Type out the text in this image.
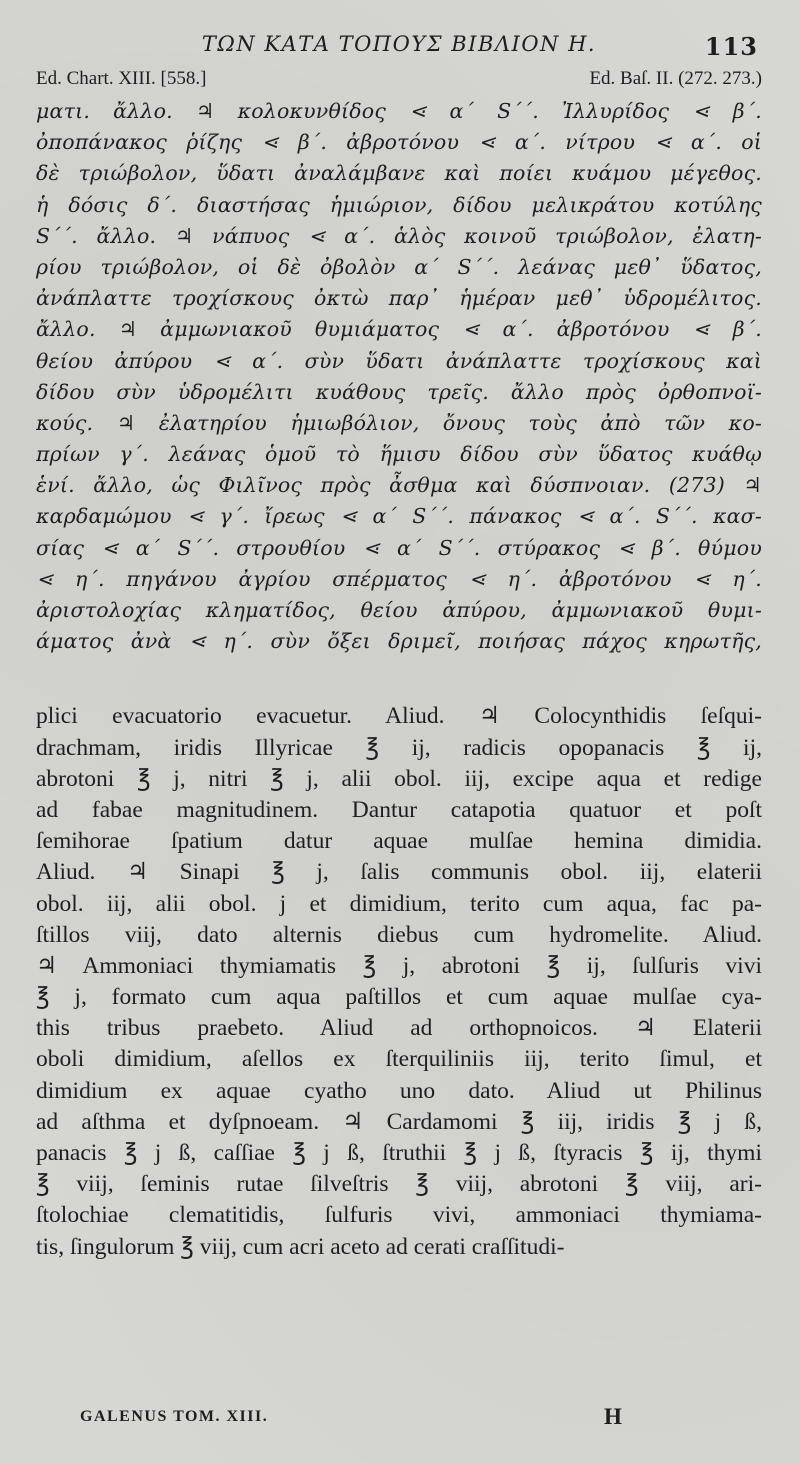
ΤΩΝ ΚΑΤΑ ΤΟΠΟΥΣ ΒΙΒΛΙΟΝ Η.	113
Ed. Chart. XIII. [558.]	Ed. Baſ. II. (272. 273.)
ματι. ἄλλο. ♃ κολοκυνθίδος ⋖ α΄ S΄΄. Ἰλλυρίδος ⋖ β΄.
ὀποπάνακος ῥίζης ⋖ β΄. ἀβροτόνου ⋖ α΄. νίτρου ⋖ α΄. οἱ
δὲ τριώβολον, ὕδατι ἀναλάμβανε καὶ ποίει κυάμου μέγεθος.
ἡ δόσις δ΄. διαστήσας ἡμιώριον, δίδου μελικράτου κοτύλης
S΄΄. ἄλλο. ♃ νάπυος ⋖ α΄. ἁλὸς κοινοῦ τριώβολον, ἐλατη-
ρίου τριώβολον, οἱ δὲ ὀβολὸν α΄ S΄΄. λεάνας μεθ᾽ ὕδατος,
ἀνάπλαττε τροχίσκους ὀκτὼ παρ᾽ ἡμέραν μεθ᾽ ὑδρομέλιτος.
ἄλλο. ♃ ἀμμωνιακοῦ θυμιάματος ⋖ α΄. ἀβροτόνου ⋖ β΄.
θείου ἀπύρου ⋖ α΄. σὺν ὕδατι ἀνάπλαττε τροχίσκους καὶ
δίδου σὺν ὑδρομέλιτι κυάθους τρεῖς. ἄλλο πρὸς ὀρθοπνοϊ-
κούς. ♃ ἐλατηρίου ἡμιωβόλιον, ὄνους τοὺς ἀπὸ τῶν κο-
πρίων γ΄. λεάνας ὁμοῦ τὸ ἥμισυ δίδου σὺν ὕδατος κυάθῳ
ἑνί. ἄλλο, ὡς Φιλῖνος πρὸς ἆσθμα καὶ δύσπνοιαν. (273) ♃
καρδαμώμου ⋖ γ΄. ἴρεως ⋖ α΄ S΄΄. πάνακος ⋖ α΄. S΄΄. κασ-
σίας ⋖ α΄ S΄΄. στρουθίου ⋖ α΄ S΄΄. στύρακος ⋖ β΄. θύμου
⋖ η΄. πηγάνου ἀγρίου σπέρματος ⋖ η΄. ἀβροτόνου ⋖ η΄.
ἀριστολοχίας κληματίδος, θείου ἀπύρου, ἀμμωνιακοῦ θυμι-
άματος ἀνὰ ⋖ η΄. σὺν ὄξει δριμεῖ, ποιήσας πάχος κηρωτῆς,
plici evacuatorio evacuetur. Aliud. ♃ Colocynthidis ſeſqui-
drachmam, iridis Illyricae ℥ ij, radicis opopanacis ℥ ij,
abrotoni ℥ j, nitri ℥ j, alii obol. iij, excipe aqua et redige
ad fabae magnitudinem. Dantur catapotia quatuor et poſt
ſemihorae ſpatium datur aquae mulſae hemina dimidia.
Aliud. ♃ Sinapi ℥ j, ſalis communis obol. iij, elaterii
obol. iij, alii obol. j et dimidium, terito cum aqua, fac pa-
ſtillos viij, dato alternis diebus cum hydromelite. Aliud.
♃ Ammoniaci thymiamatis ℥ j, abrotoni ℥ ij, ſulſuris vivi
℥ j, formato cum aqua paſtillos et cum aquae mulſae cya-
this tribus praebeto. Aliud ad orthopnoicos. ♃ Elaterii
oboli dimidium, aſellos ex ſterquiliniis iij, terito ſimul, et
dimidium ex aquae cyatho uno dato. Aliud ut Philinus
ad aſthma et dyſpnoeam. ♃ Cardamomi ℥ iij, iridis ℥ j ß,
panacis ℥ j ß, caſſiae ℥ j ß, ſtruthii ℥ j ß, ſtyracis ℥ ij, thymi
℥ viij, ſeminis rutae ſilveſtris ℥ viij, abrotoni ℥ viij, ari-
ſtolochiae clematitidis, ſulfuris vivi, ammoniaci thymiama-
tis, ſingulorum ℥ viij, cum acri aceto ad cerati craſſitudi-
GALENUS TOM. XIII.	H
